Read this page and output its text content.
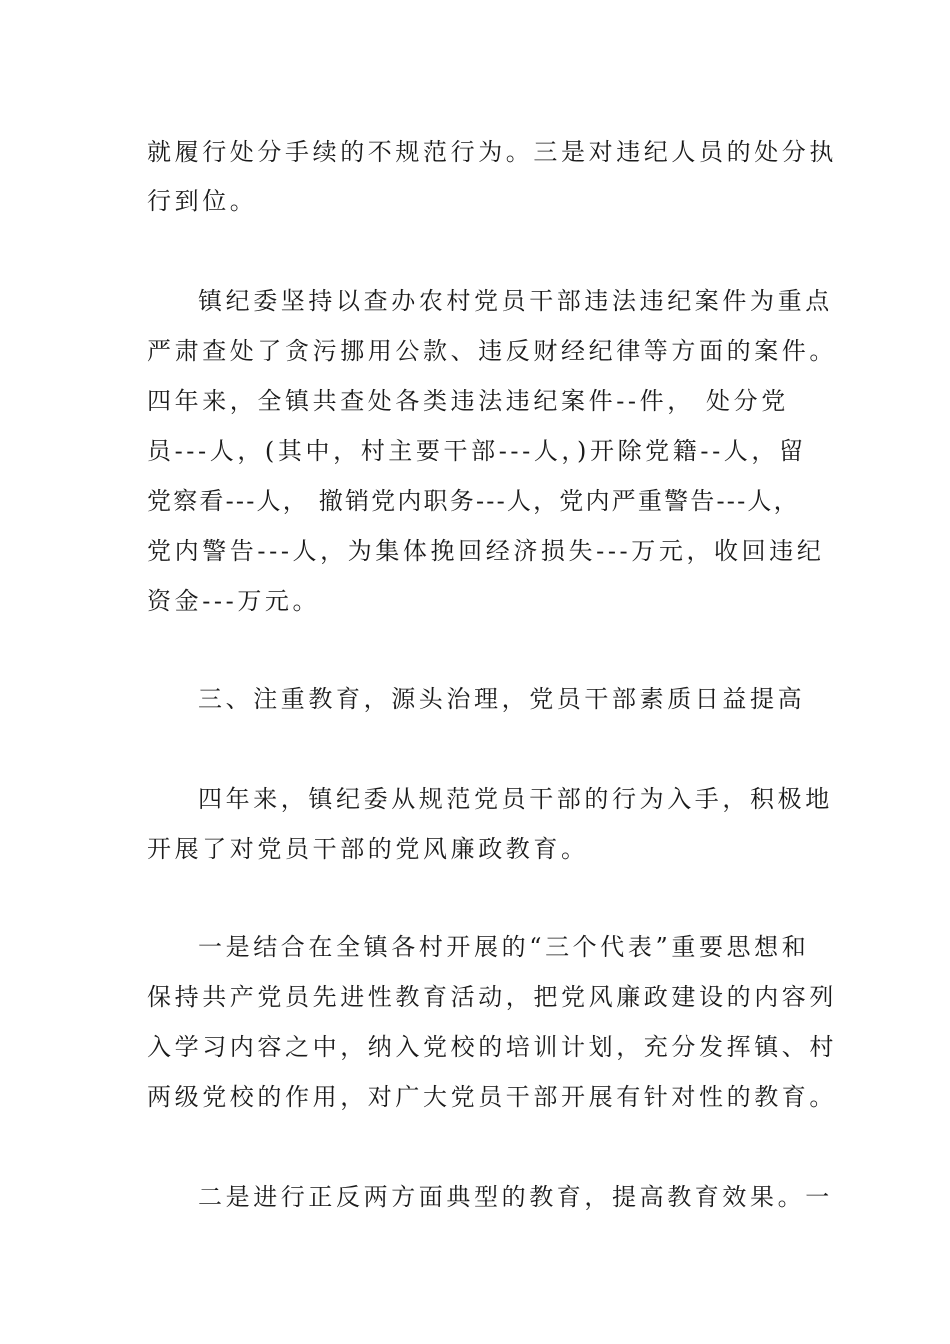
就履行处分手续的不规范行为。三是对违纪人员的处分执
行到位。
镇纪委坚持以查办农村党员干部违法违纪案件为重点
严肃查处了贪污挪用公款、违反财经纪律等方面的案件。
四年来，全镇共查处各类违法违纪案件--件， 处分党
员---人，(其中，村主要干部---人，)开除党籍--人，留
党察看---人， 撤销党内职务---人，党内严重警告---人，
党内警告---人，为集体挽回经济损失---万元，收回违纪
资金---万元。
三、注重教育，源头治理，党员干部素质日益提高
四年来，镇纪委从规范党员干部的行为入手，积极地
开展了对党员干部的党风廉政教育。
一是结合在全镇各村开展的“三个代表”重要思想和
保持共产党员先进性教育活动，把党风廉政建设的内容列
入学习内容之中，纳入党校的培训计划，充分发挥镇、村
两级党校的作用，对广大党员干部开展有针对性的教育。
二是进行正反两方面典型的教育，提高教育效果。一
